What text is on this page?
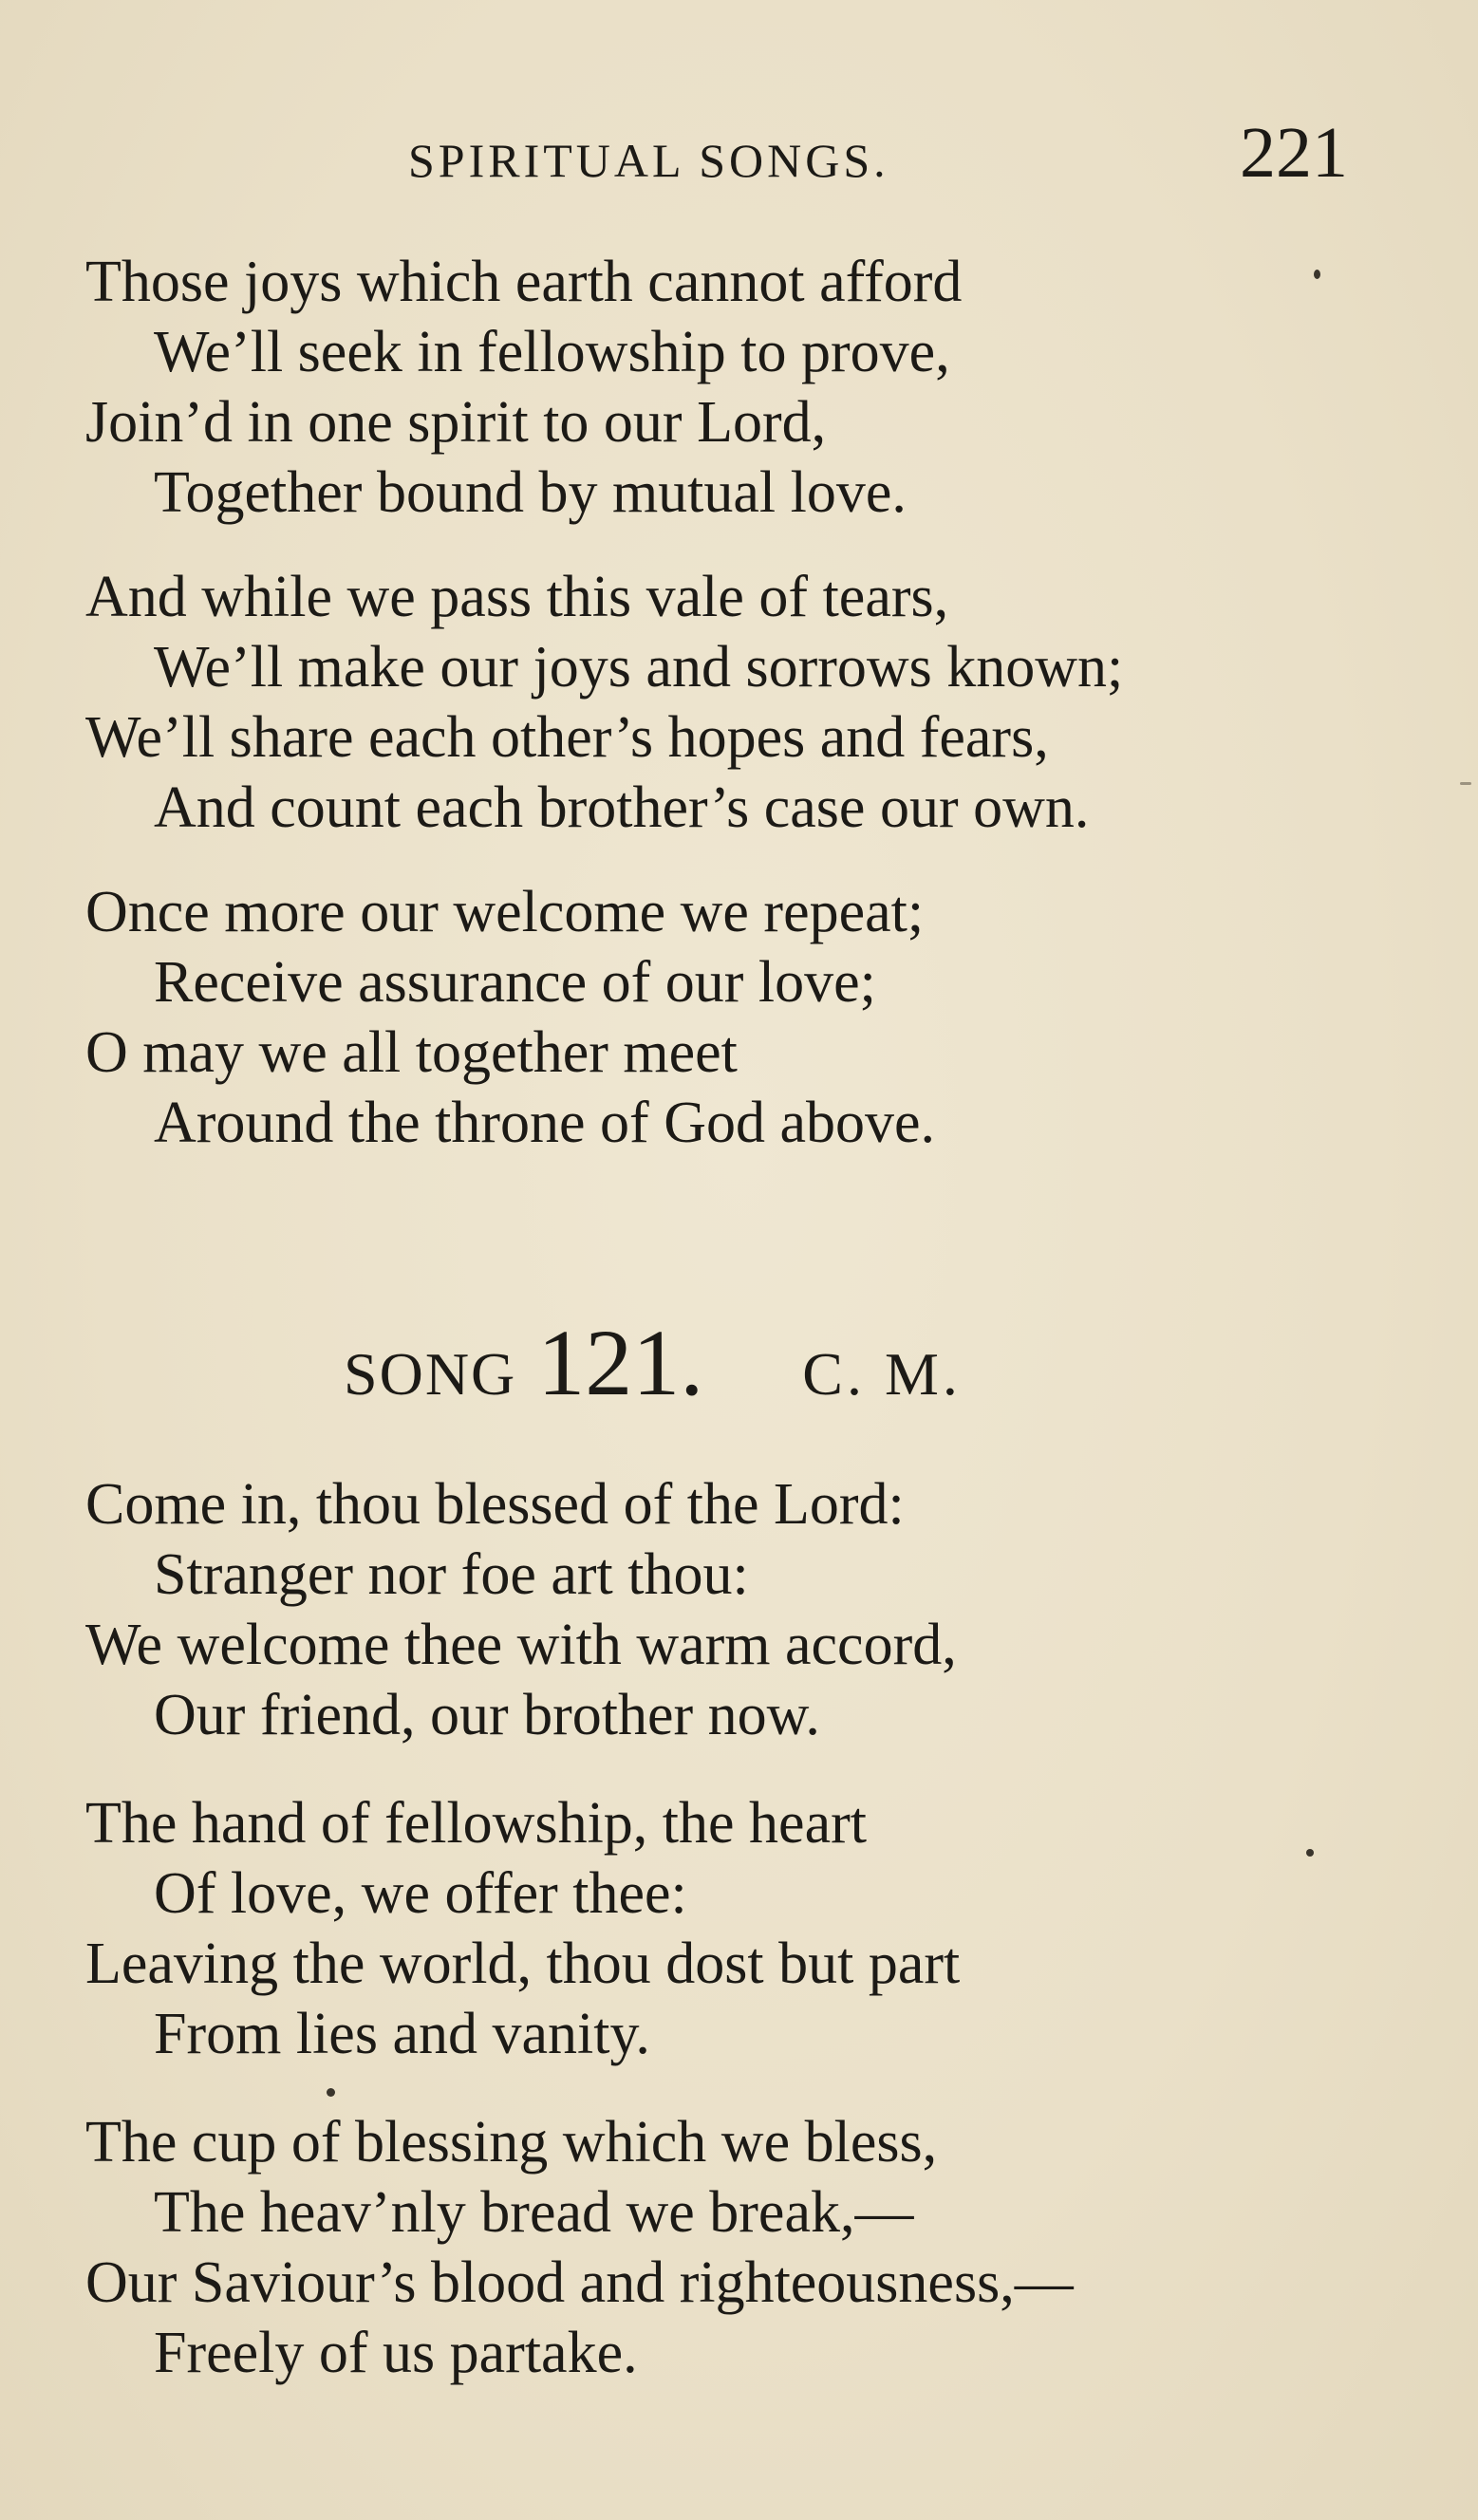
SPIRITUAL SONGS.	221
Those joys which earth cannot afford
We’ll seek in fellowship to prove,
Join’d in one spirit to our Lord,
Together bound by mutual love.
And while we pass this vale of tears,
We’ll make our joys and sorrows known;
We’ll share each other’s hopes and fears,
And count each brother’s case our own.
Once more our welcome we repeat;
Receive assurance of our love;
O may we all together meet
Around the throne of God above.
SONG 121. C. M.
Come in, thou blessed of the Lord:
Stranger nor foe art thou:
We welcome thee with warm accord,
Our friend, our brother now.
The hand of fellowship, the heart
Of love, we offer thee:
Leaving the world, thou dost but part
From lies and vanity.
The cup of blessing which we bless,
The heav’nly bread we break,—
Our Saviour’s blood and righteousness,—
Freely of us partake.
